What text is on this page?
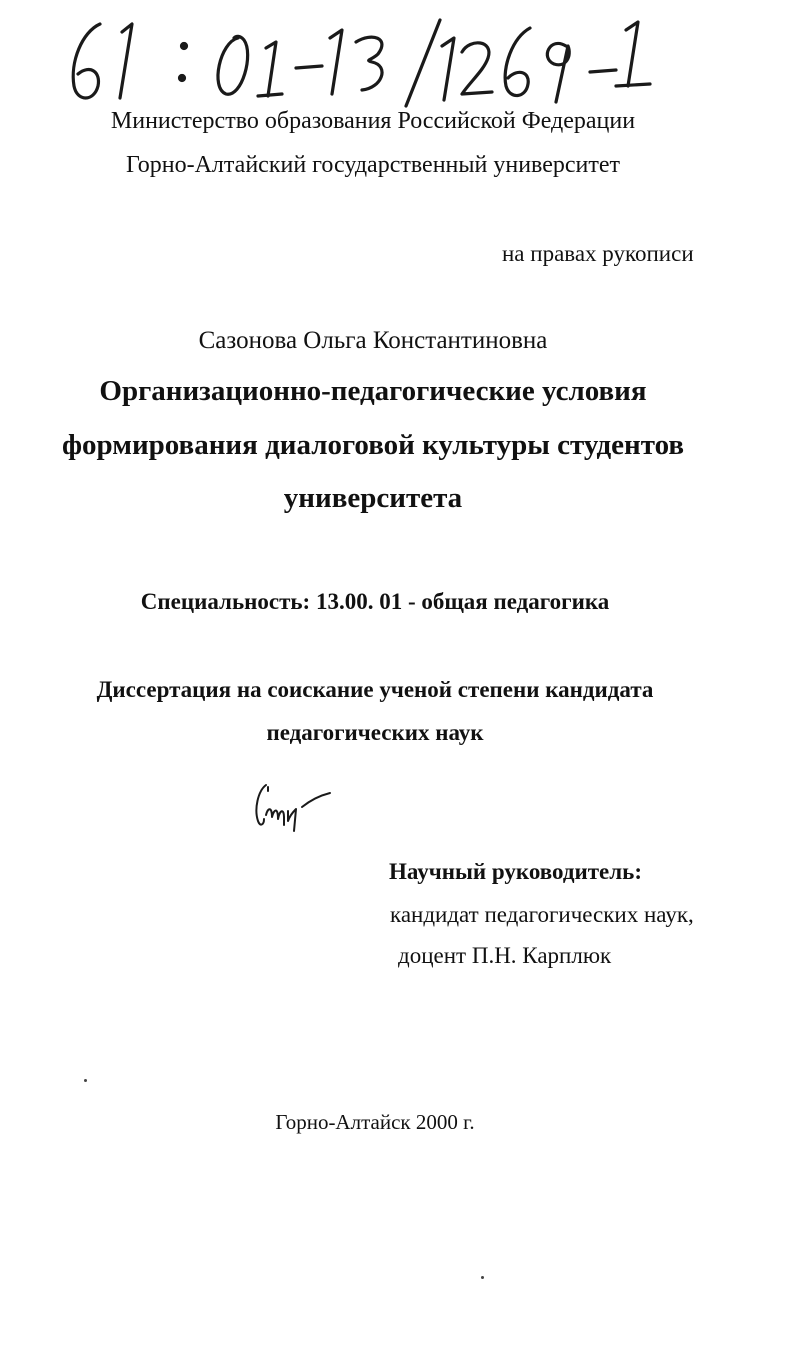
Министерство образования Российской Федерации
Горно-Алтайский государственный университет
на правах рукописи
Сазонова Ольга Константиновна
Организационно-педагогические условия
формирования диалоговой культуры студентов
университета
Специальность: 13.00. 01 - общая педагогика
Диссертация на соискание ученой степени кандидата
педагогических наук
Научный руководитель:
кандидат педагогических наук,
доцент П.Н. Карплюк
Горно-Алтайск 2000 г.
